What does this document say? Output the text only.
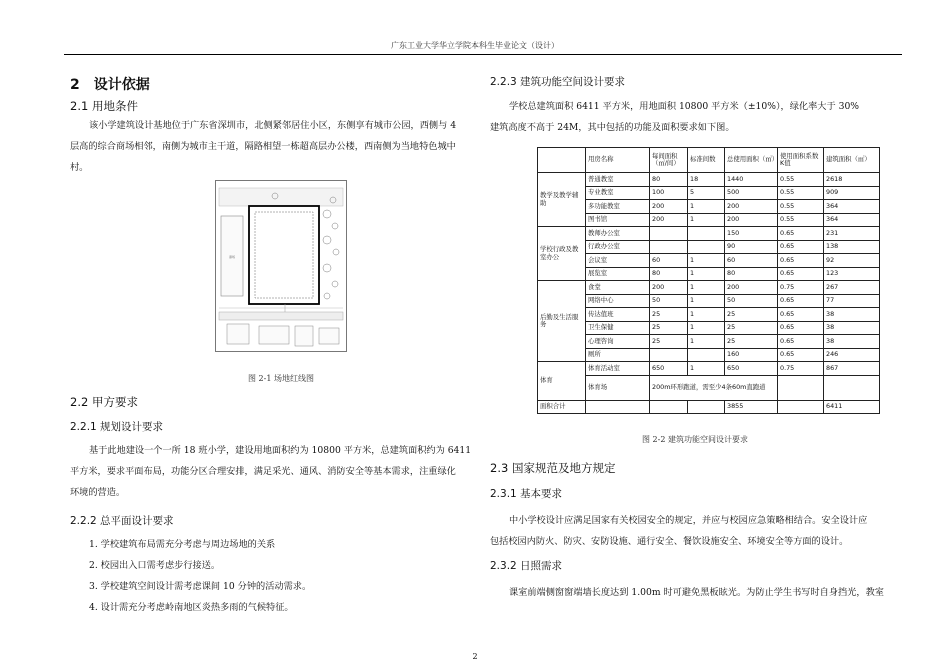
广东工业大学华立学院本科生毕业论文（设计）
2　设计依据
2.1 用地条件
该小学建筑设计基地位于广东省深圳市，北侧紧邻居住小区，东侧享有城市公园，西侧与 4
层高的综合商场相邻，南侧为城市主干道，隔路相望一栋超高层办公楼，西南侧为当地特色城中
村。
商场
图 2-1 场地红线图
2.2 甲方要求
2.2.1 规划设计要求
基于此地建设一个一所 18 班小学，建设用地面积约为 10800 平方米，总建筑面积约为 6411
平方米，要求平面布局，功能分区合理安排，满足采光、通风、消防安全等基本需求，注重绿化
环境的营造。
2.2.2 总平面设计要求
1. 学校建筑布局需充分考虑与周边场地的关系
2. 校园出入口需考虑步行接送。
3. 学校建筑空间设计需考虑课间 10 分钟的活动需求。
4. 设计需充分考虑岭南地区炎热多雨的气候特征。
2.2.3 建筑功能空间设计要求
学校总建筑面积 6411 平方米，用地面积 10800 平方米（±10%），绿化率大于 30%
建筑高度不高于 24M，其中包括的功能及面积要求如下图。
	用房名称	每间面积（㎡/间）	标准间数	总使用面积（㎡）	使用面积系数K值	建筑面积（㎡）
教学及教学辅助	普通教室	80	18	1440	0.55	2618
	专业教室	100	5	500	0.55	909
	多功能教室	200	1	200	0.55	364
	图书馆	200	1	200	0.55	364
学校行政及教室办公	教师办公室			150	0.65	231
	行政办公室			90	0.65	138
	会议室	60	1	60	0.65	92
	展览室	80	1	80	0.65	123
后勤及生活服务	食堂	200	1	200	0.75	267
	网络中心	50	1	50	0.65	77
	传达值班	25	1	25	0.65	38
	卫生保健	25	1	25	0.65	38
	心理咨询	25	1	25	0.65	38
	厕所			160	0.65	246
体育	体育活动室	650	1	650	0.75	867
	体育场	200m环形跑道，需至少4条60m直跑道				
面积合计				3855		6411
图 2-2 建筑功能空间设计要求
2.3 国家规范及地方规定
2.3.1 基本要求
中小学校设计应满足国家有关校园安全的规定，并应与校园应急策略相结合。安全设计应
包括校园内防火、防灾、安防设施、通行安全、餐饮设施安全、环境安全等方面的设计。
2.3.2 日照需求
课室前端侧窗窗端墙长度达到 1.00m 时可避免黑板眩光。为防止学生书写时自身挡光，教室
2
